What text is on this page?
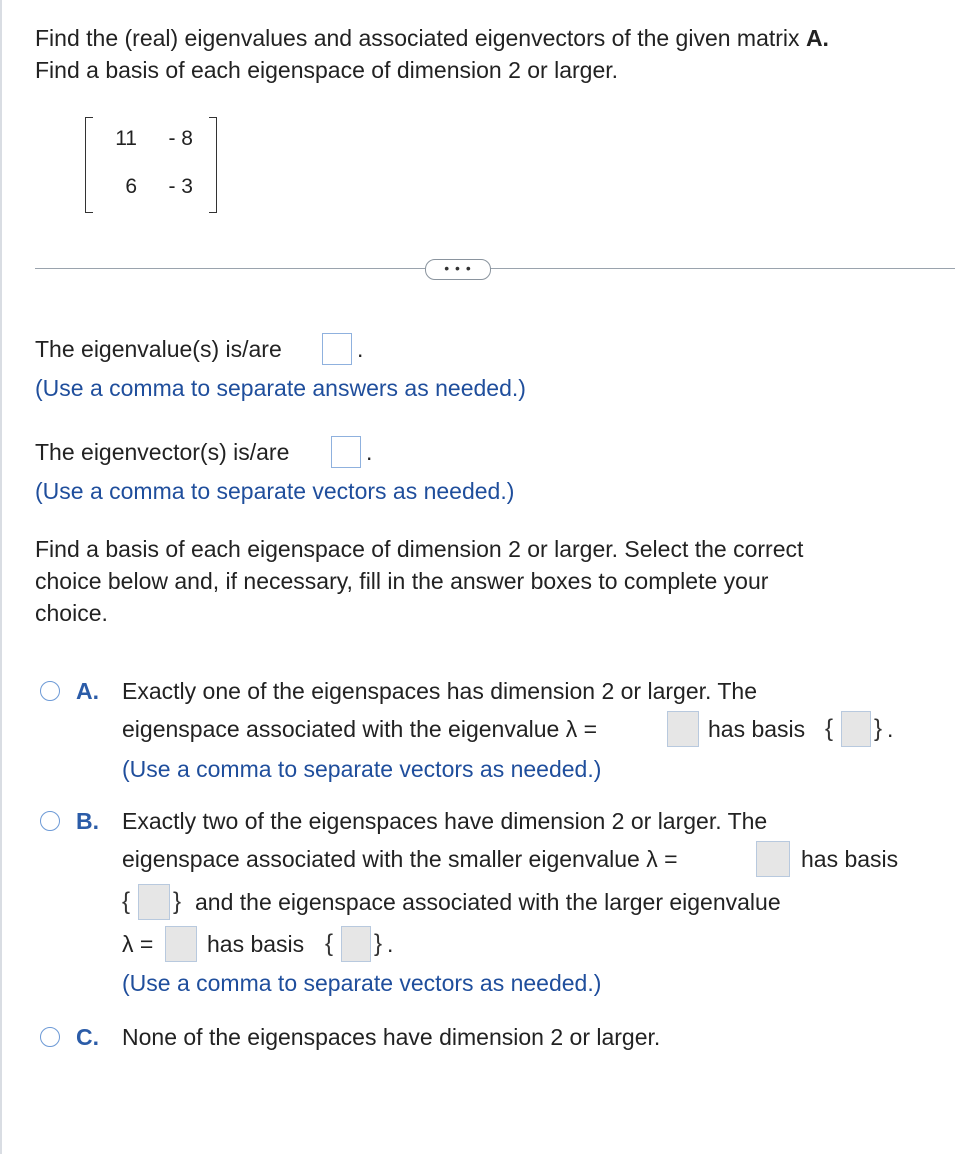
Find the (real) eigenvalues and associated eigenvectors of the given matrix A.
Find a basis of each eigenspace of dimension 2 or larger.
11	- 8
6	- 3
• • •
The eigenvalue(s) is/are	.
(Use a comma to separate answers as needed.)
The eigenvector(s) is/are	.
(Use a comma to separate vectors as needed.)
Find a basis of each eigenspace of dimension 2 or larger. Select the correct
choice below and, if necessary, fill in the answer boxes to complete your
choice.
A. Exactly one of the eigenspaces has dimension 2 or larger. The
eigenspace associated with the eigenvalue λ =	has basis { } .
(Use a comma to separate vectors as needed.)
B. Exactly two of the eigenspaces have dimension 2 or larger. The
eigenspace associated with the smaller eigenvalue λ =	has basis
{ } and the eigenspace associated with the larger eigenvalue
λ = has basis { } .
(Use a comma to separate vectors as needed.)
C. None of the eigenspaces have dimension 2 or larger.
